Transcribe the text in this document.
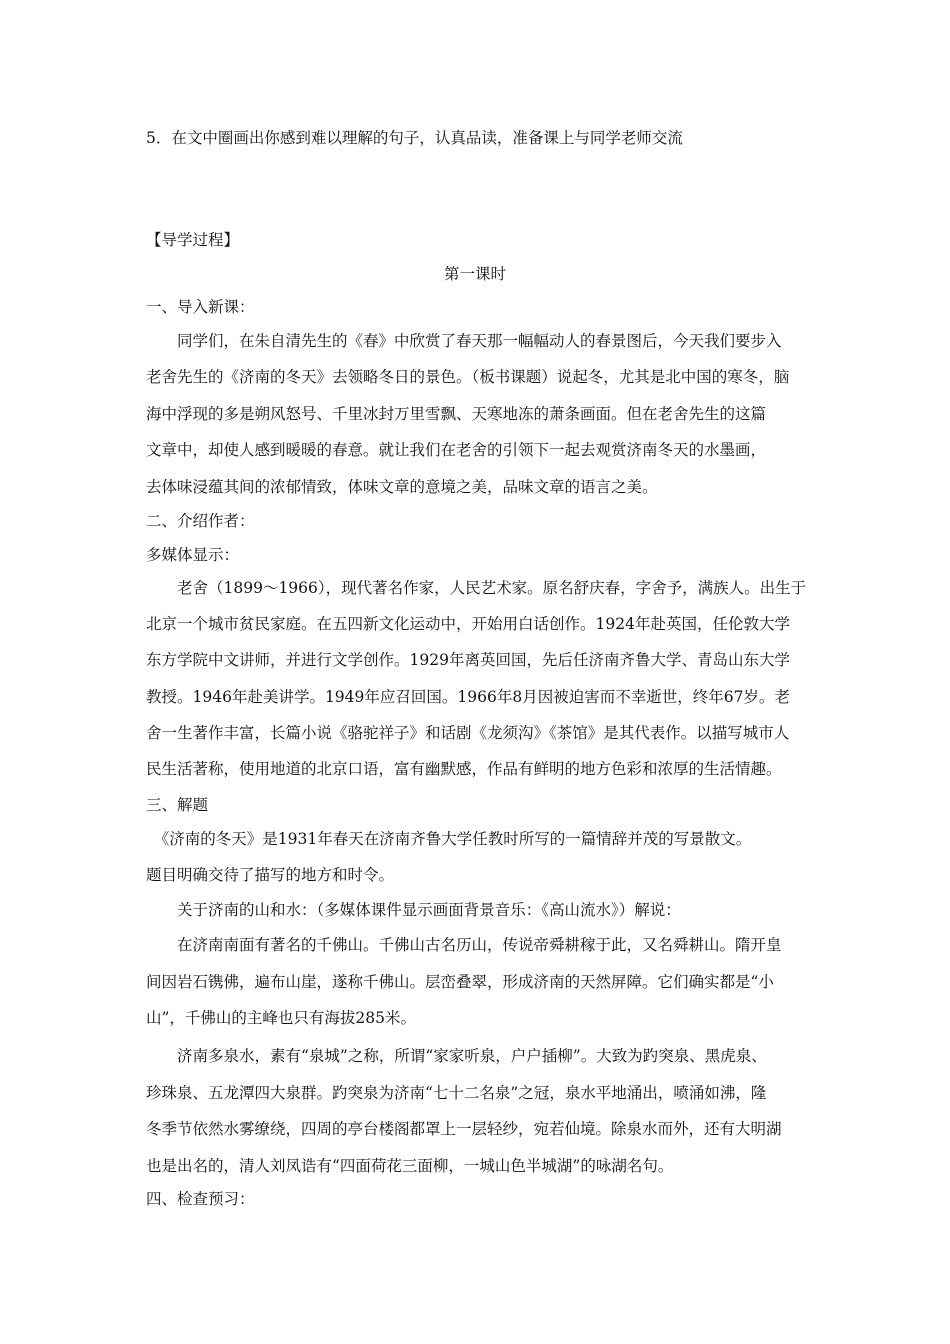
5．在文中圈画出你感到难以理解的句子，认真品读，准备课上与同学老师交流
【导学过程】
第一课时
一、导入新课：
　　同学们，在朱自清先生的《春》中欣赏了春天那一幅幅动人的春景图后，今天我们要步入
老舍先生的《济南的冬天》去领略冬日的景色。（板书课题）说起冬，尤其是北中国的寒冬，脑
海中浮现的多是朔风怒号、千里冰封万里雪飘、天寒地冻的萧条画面。但在老舍先生的这篇
文章中，却使人感到暖暖的春意。就让我们在老舍的引领下一起去观赏济南冬天的水墨画，
去体味浸蕴其间的浓郁情致，体味文章的意境之美，品味文章的语言之美。
二、介绍作者：
多媒体显示：
　　老舍（1899～1966），现代著名作家，人民艺术家。原名舒庆春，字舍予，满族人。出生于
北京一个城市贫民家庭。在五四新文化运动中，开始用白话创作。1924年赴英国，任伦敦大学
东方学院中文讲师，并进行文学创作。1929年离英回国，先后任济南齐鲁大学、青岛山东大学
教授。1946年赴美讲学。1949年应召回国。1966年8月因被迫害而不幸逝世，终年67岁。老
舍一生著作丰富，长篇小说《骆驼祥子》和话剧《龙须沟》《茶馆》是其代表作。以描写城市人
民生活著称，使用地道的北京口语，富有幽默感，作品有鲜明的地方色彩和浓厚的生活情趣。
三、解题
　《济南的冬天》是1931年春天在济南齐鲁大学任教时所写的一篇情辞并茂的写景散文。
题目明确交待了描写的地方和时令。
　　关于济南的山和水：（多媒体课件显示画面背景音乐：《高山流水》）解说：
　　在济南南面有著名的千佛山。千佛山古名历山，传说帝舜耕稼于此，又名舜耕山。隋开皇
间因岩石镌佛，遍布山崖，遂称千佛山。层峦叠翠，形成济南的天然屏障。它们确实都是“小
山”，千佛山的主峰也只有海拔285米。
　　济南多泉水，素有“泉城”之称，所谓“家家听泉，户户插柳”。大致为趵突泉、黑虎泉、
珍珠泉、五龙潭四大泉群。趵突泉为济南“七十二名泉”之冠，泉水平地涌出，喷涌如沸，隆
冬季节依然水雾缭绕，四周的亭台楼阁都罩上一层轻纱，宛若仙境。除泉水而外，还有大明湖
也是出名的，清人刘凤诰有“四面荷花三面柳，一城山色半城湖”的咏湖名句。
四、检查预习：
